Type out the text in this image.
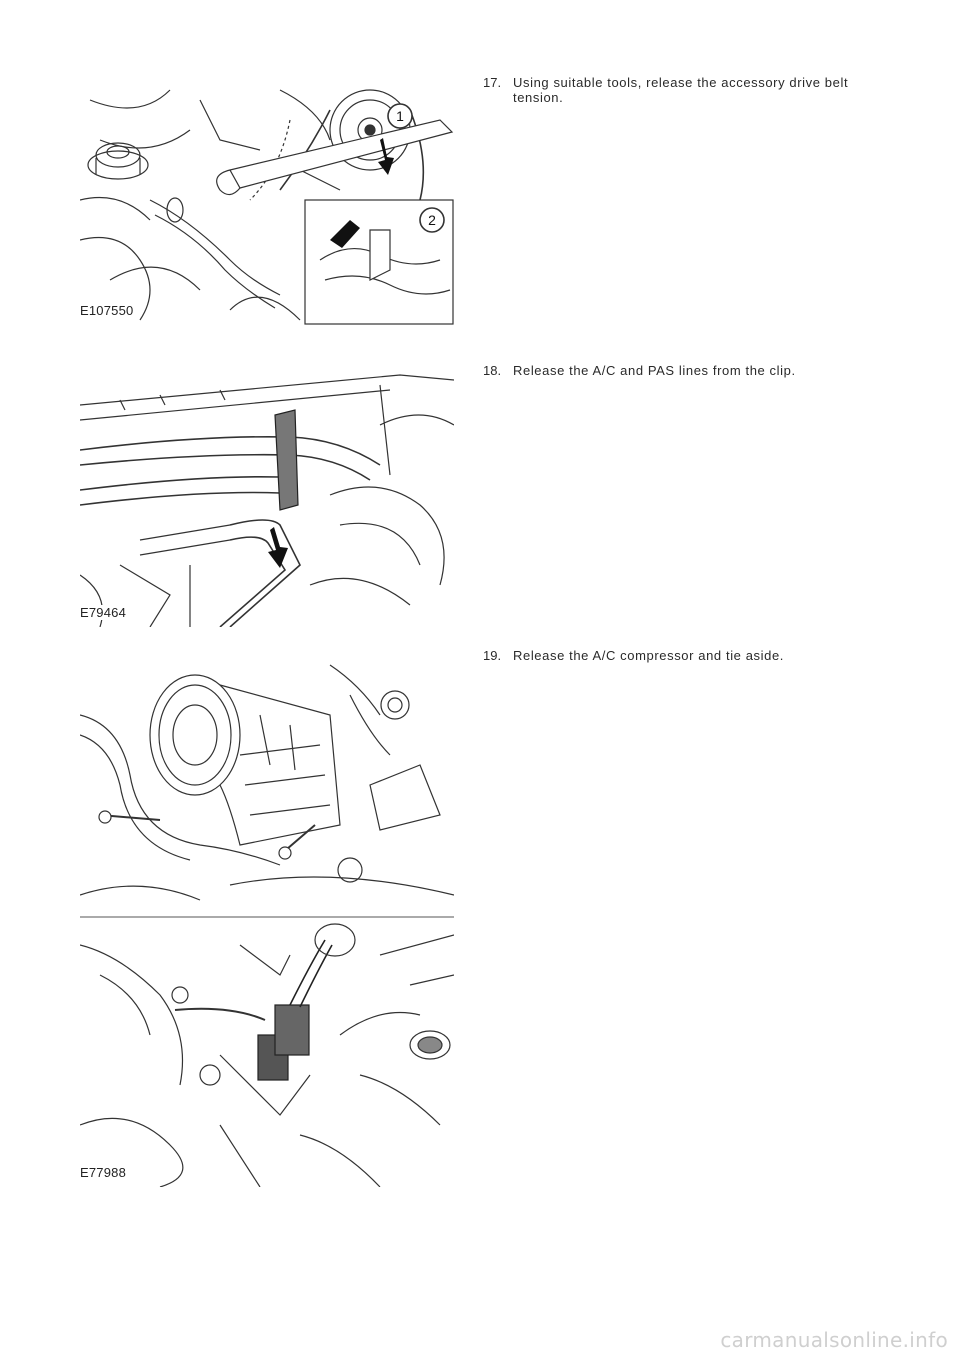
1
2
E107550
17. Using suitable tools, release the accessory drive belt tension.
E79464
18. Release the A/C and PAS lines from the clip.
E77988
19. Release the A/C compressor and tie aside.
carmanualsonline.info
